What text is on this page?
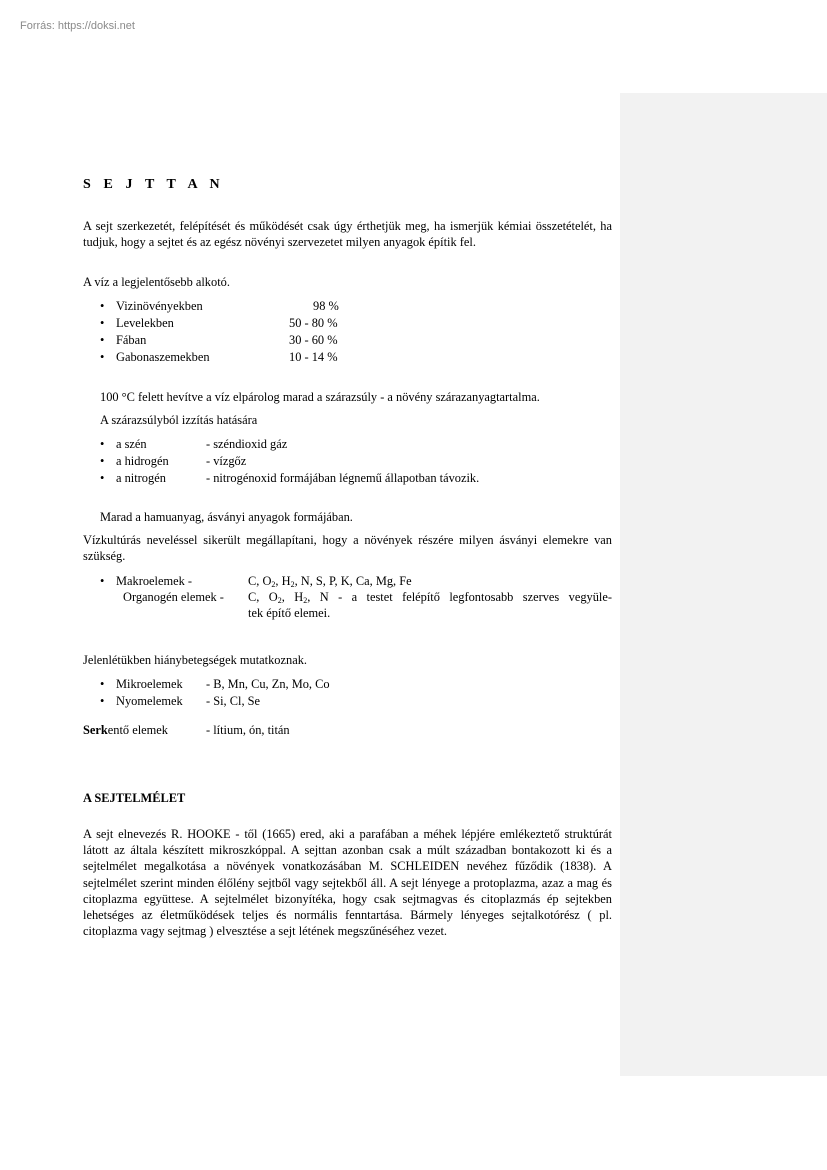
Forrás: https://doksi.net
S E J T T A N
A sejt szerkezetét, felépítését és működését csak úgy érthetjük meg, ha ismerjük kémiai összetételét, ha tudjuk, hogy a sejtet és az egész növényi szervezetet milyen anyagok építik fel.
A víz a legjelentősebb alkotó.
• Vizinövényekben	98 %
• Levelekben	50 - 80 %
• Fában	30 - 60 %
• Gabonaszemekben	10 - 14 %
100 °C felett hevítve a víz elpárolog marad a szárazsúly - a növény szárazanyagtartalma.
A szárazsúlyból izzítás hatására
• a szén	- széndioxid gáz
• a hidrogén	- vízgőz
• a nitrogén	- nitrogénoxid formájában légnemű állapotban távozik.
Marad a hamuanyag, ásványi anyagok formájában.
Vízkultúrás neveléssel sikerült megállapítani, hogy a növények részére milyen ásványi elemekre van szükség.
• Makroelemek -	C, $O_2$, $H_2$, N, S, P, K, Ca, Mg, Fe
Organogén elemek - C, $O_2$, $H_2$, N - a testet felépítő legfontosabb szerves vegyüle-
tek építő elemei.
Jelenlétükben hiánybetegségek mutatkoznak.
• Mikroelemek - B, Mn, Cu, Zn, Mo, Co
• Nyomelemek - Si, Cl, Se
Serkentő elemek	- lítium, ón, titán
A SEJTELMÉLET
A sejt elnevezés R. HOOKE - től (1665) ered, aki a parafában a méhek lépjére emlékeztető struktúrát látott az általa készített mikroszkóppal. A sejttan azonban csak a múlt században bontakozott ki és a sejtelmélet megalkotása a növények vonatkozásában M. SCHLEIDEN nevéhez fűződik (1838). A sejtelmélet szerint minden élőlény sejtből vagy sejtekből áll. A sejt lényege a protoplazma, azaz a mag és citoplazma együttese. A sejtelmélet bizonyítéka, hogy csak sejtmagvas és citoplazmás ép sejtekben lehetséges az életműködések teljes és normális fenntartása. Bármely lényeges sejtalkotórész ( pl. citoplazma vagy sejtmag ) elvesztése a sejt létének megszűnéséhez vezet.
